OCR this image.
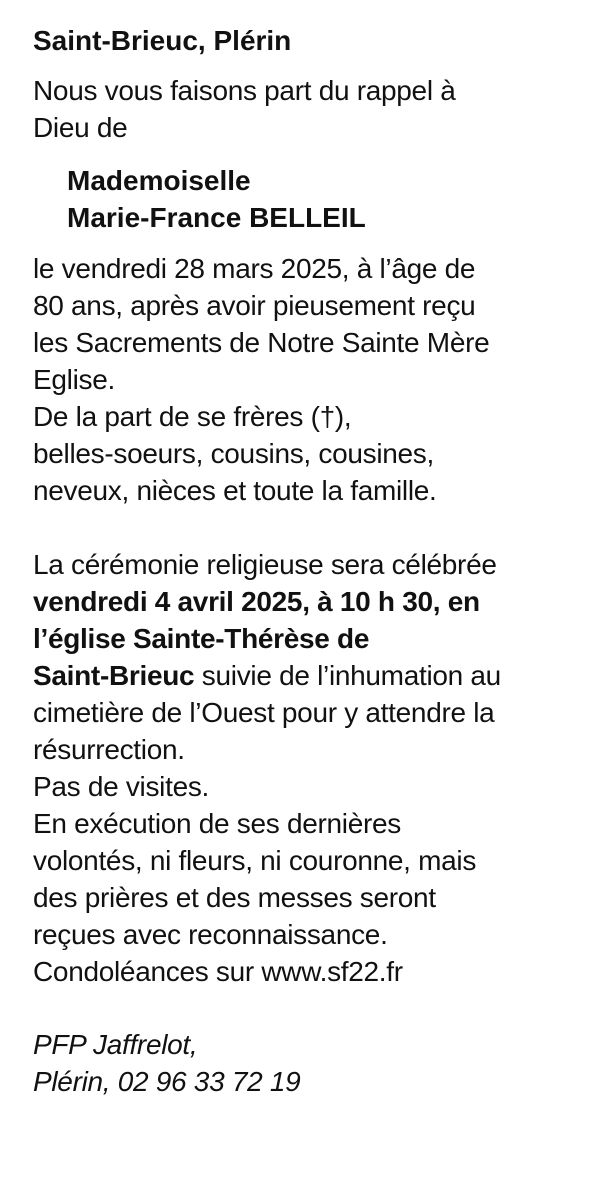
Saint-Brieuc, Plérin
Nous vous faisons part du rappel à
Dieu de
Mademoiselle
Marie-France BELLEIL
le vendredi 28 mars 2025, à l’âge de
80 ans, après avoir pieusement reçu
les Sacrements de Notre Sainte Mère
Eglise.
De la part de se frères (†),
belles-soeurs, cousins, cousines,
neveux, nièces et toute la famille.
La cérémonie religieuse sera célébrée
vendredi 4 avril 2025, à 10 h 30, en
l’église Sainte-Thérèse de
Saint-Brieuc suivie de l’inhumation au
cimetière de l’Ouest pour y attendre la
résurrection.
Pas de visites.
En exécution de ses dernières
volontés, ni fleurs, ni couronne, mais
des prières et des messes seront
reçues avec reconnaissance.
Condoléances sur www.sf22.fr
PFP Jaffrelot,
Plérin, 02 96 33 72 19
